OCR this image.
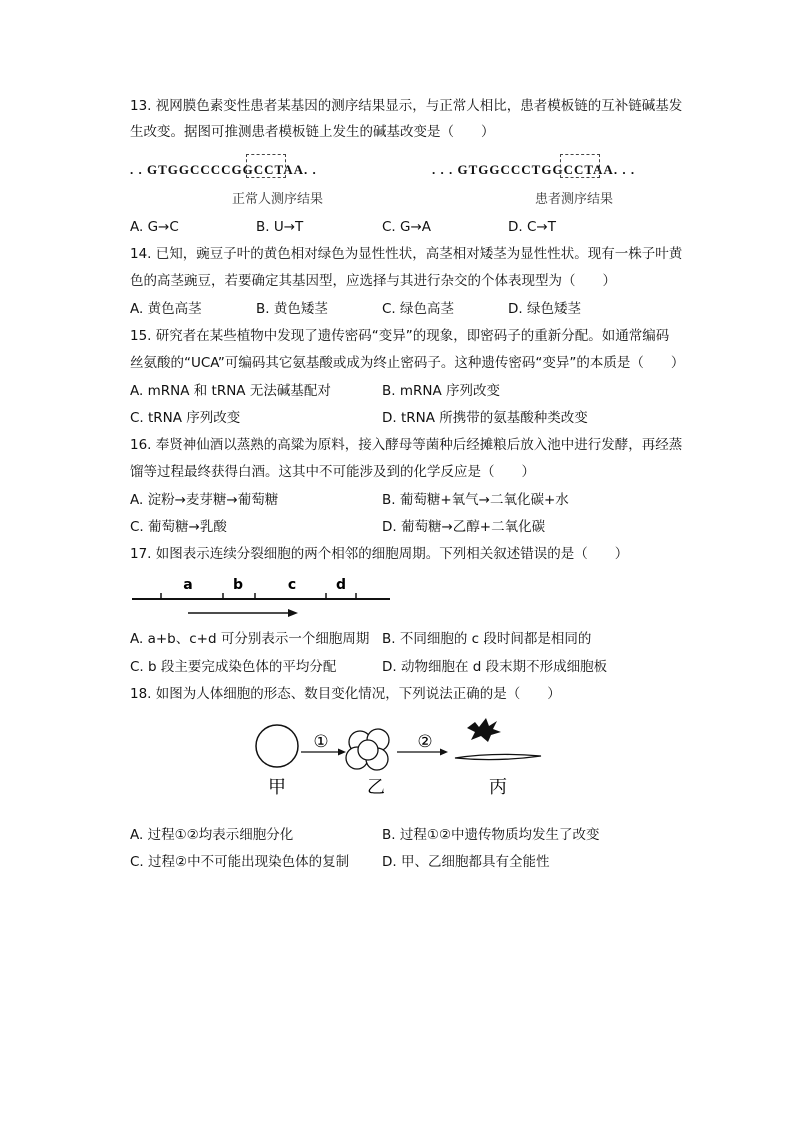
13. 视网膜色素变性患者某基因的测序结果显示，与正常人相比，患者模板链的互补链碱基发
生改变。据图可推测患者模板链上发生的碱基改变是（　　）
. . GTGGCCCCGGCCTAA. .	. . . GTGGCCCTGGCCTAA. . .
正常人测序结果	患者测序结果
A. G→C	B. U→T	C. G→A	D. C→T
14. 已知，豌豆子叶的黄色相对绿色为显性性状，高茎相对矮茎为显性性状。现有一株子叶黄
色的高茎豌豆，若要确定其基因型，应选择与其进行杂交的个体表现型为（　　）
A. 黄色高茎	B. 黄色矮茎	C. 绿色高茎	D. 绿色矮茎
15. 研究者在某些植物中发现了遗传密码“变异”的现象，即密码子的重新分配。如通常编码
丝氨酸的“UCA”可编码其它氨基酸或成为终止密码子。这种遗传密码“变异”的本质是（　　）
A. mRNA 和 tRNA 无法碱基配对	B. mRNA 序列改变
C. tRNA 序列改变	D. tRNA 所携带的氨基酸种类改变
16. 奉贤神仙酒以蒸熟的高粱为原料，接入酵母等菌种后经摊粮后放入池中进行发酵，再经蒸
馏等过程最终获得白酒。这其中不可能涉及到的化学反应是（　　）
A. 淀粉→麦芽糖→葡萄糖	B. 葡萄糖+氧气→二氧化碳+水
C. 葡萄糖→乳酸	D. 葡萄糖→乙醇+二氧化碳
17. 如图表示连续分裂细胞的两个相邻的细胞周期。下列相关叙述错误的是（　　）
a	b	c	d
A. a+b、c+d 可分别表示一个细胞周期 B. 不同细胞的 c 段时间都是相同的
C. b 段主要完成染色体的平均分配	D. 动物细胞在 d 段末期不形成细胞板
18. 如图为人体细胞的形态、数目变化情况，下列说法正确的是（　　）
①	②
甲	乙	丙
A. 过程①②均表示细胞分化	B. 过程①②中遗传物质均发生了改变
C. 过程②中不可能出现染色体的复制 D. 甲、乙细胞都具有全能性
